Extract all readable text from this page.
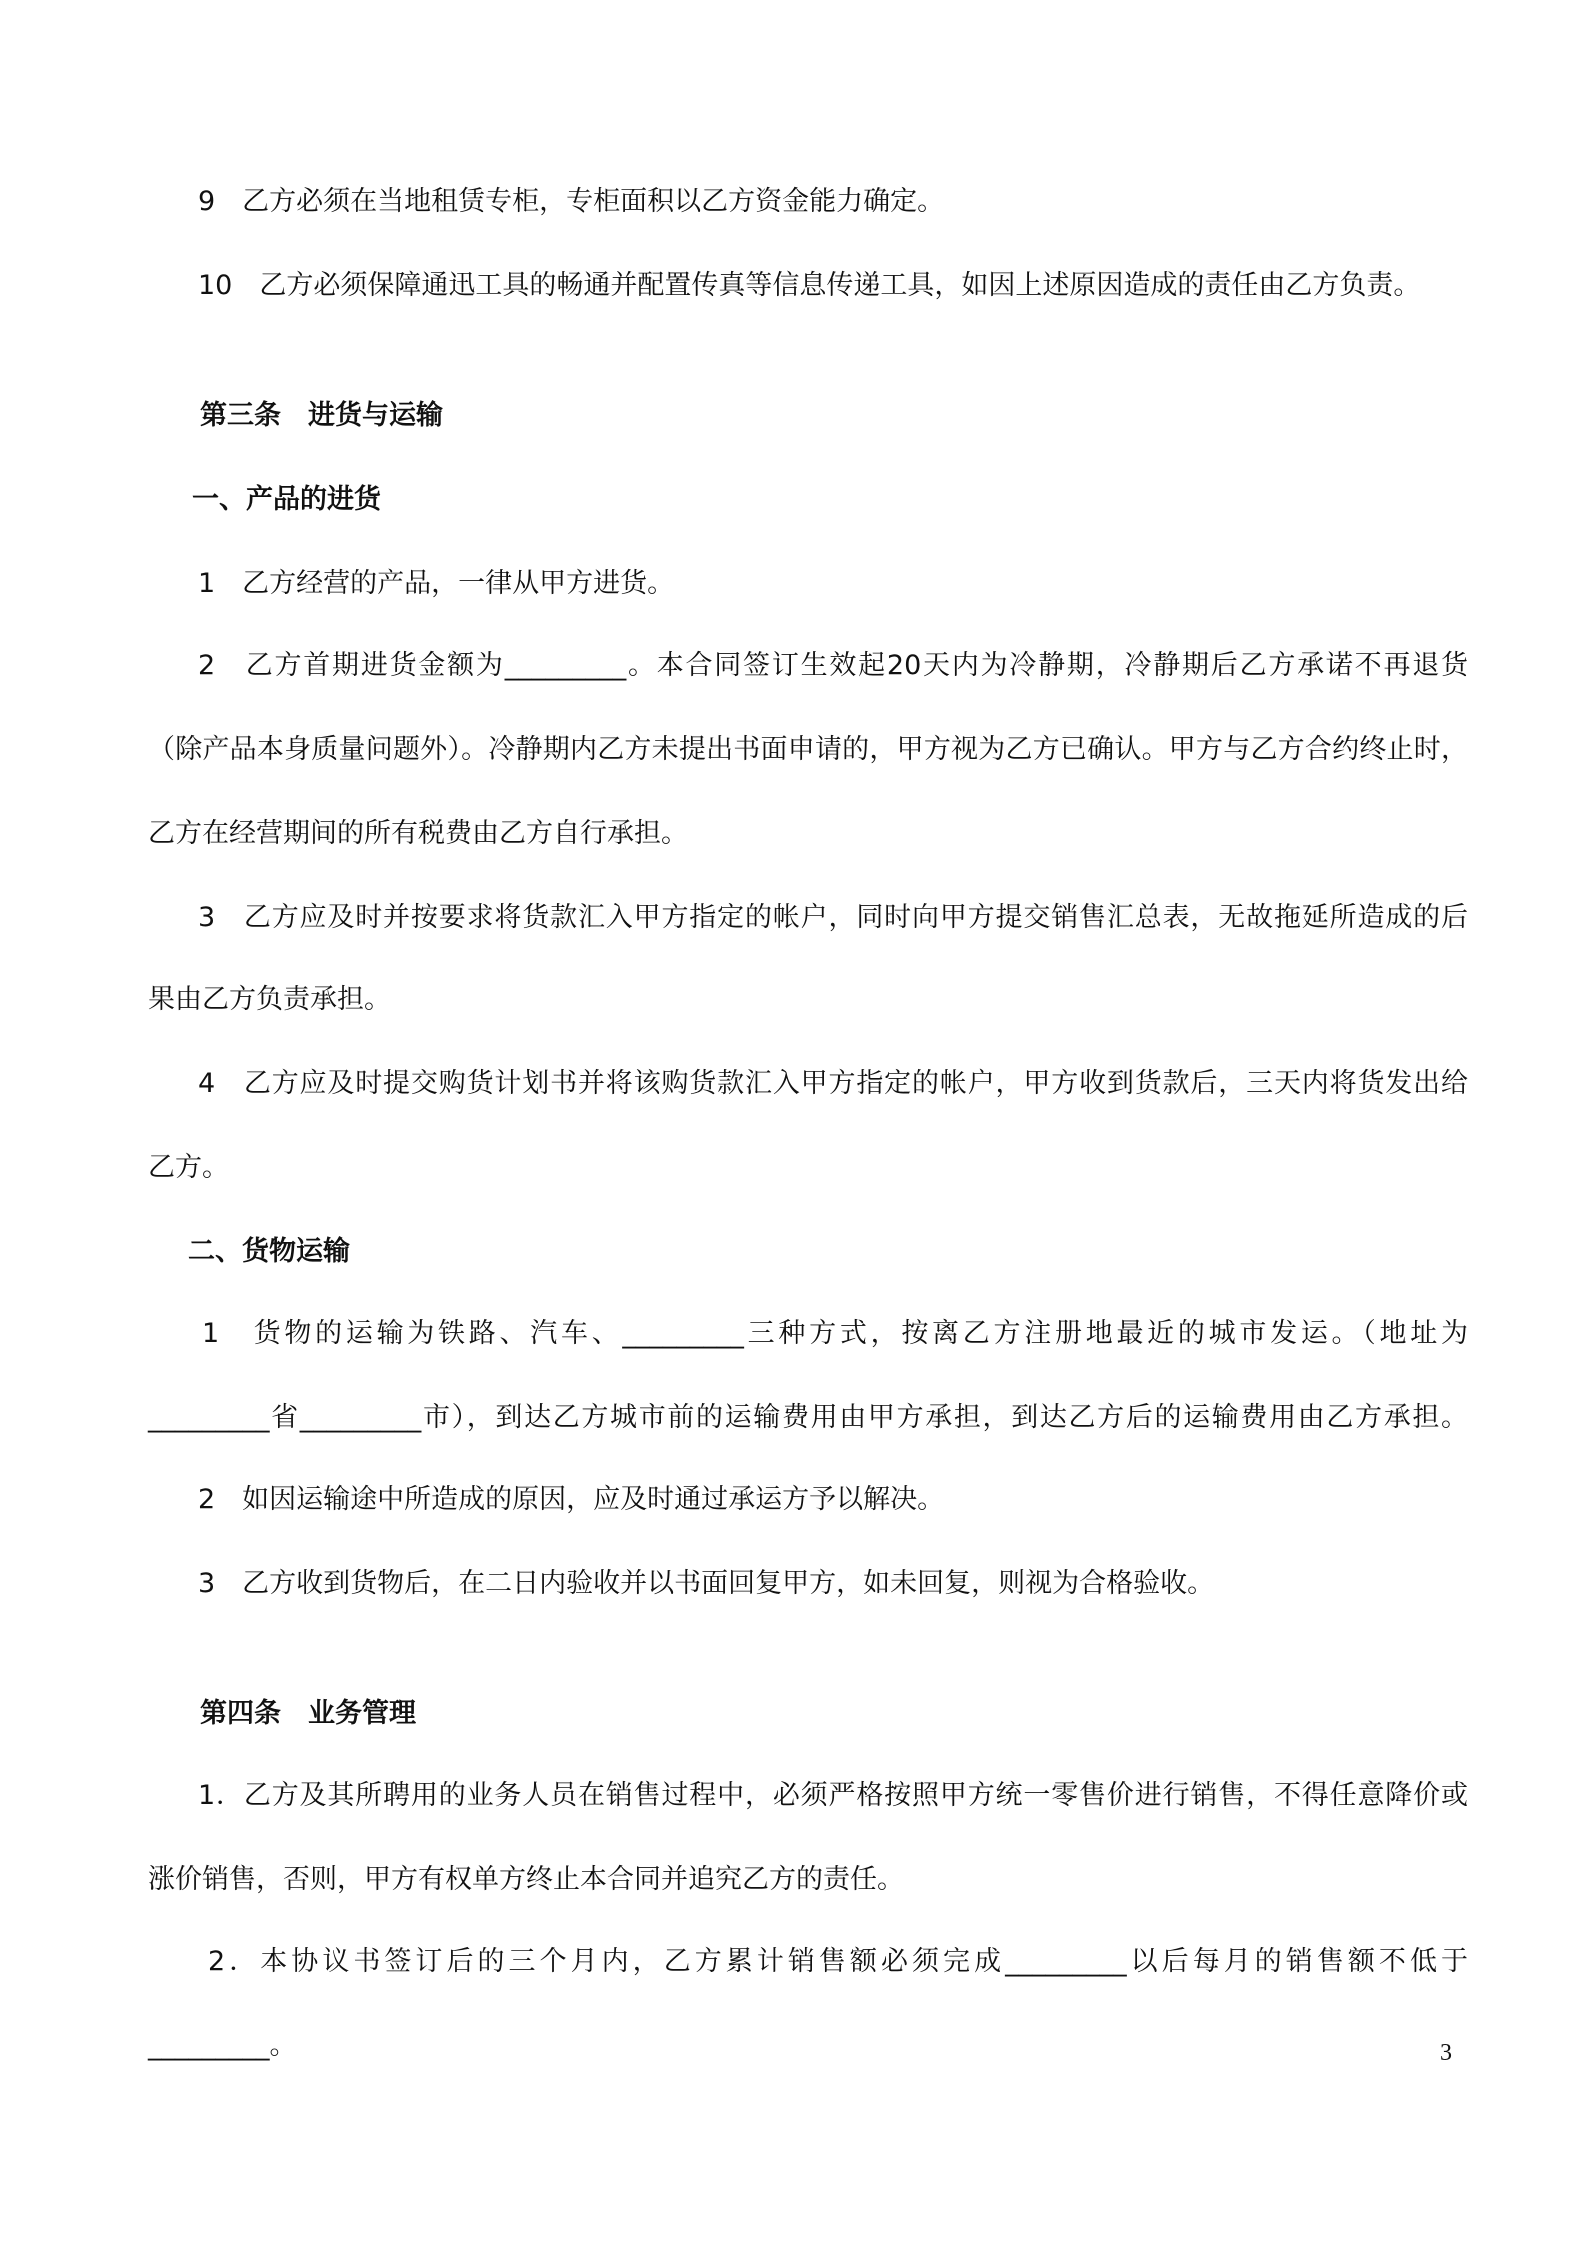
9　乙方必须在当地租赁专柜，专柜面积以乙方资金能力确定。
10　乙方必须保障通迅工具的畅通并配置传真等信息传递工具，如因上述原因造成的责任由乙方负责。
第三条　进货与运输
一、产品的进货
1　乙方经营的产品，一律从甲方进货。
2　乙方首期进货金额为_________。本合同签订生效起20天内为冷静期，冷静期后乙方承诺不再退货
（除产品本身质量问题外）。冷静期内乙方未提出书面申请的，甲方视为乙方已确认。甲方与乙方合约终止时，
乙方在经营期间的所有税费由乙方自行承担。
3　乙方应及时并按要求将货款汇入甲方指定的帐户，同时向甲方提交销售汇总表，无故拖延所造成的后
果由乙方负责承担。
4　乙方应及时提交购货计划书并将该购货款汇入甲方指定的帐户，甲方收到货款后，三天内将货发出给
乙方。
二、货物运输
1　货物的运输为铁路、汽车、_________三种方式，按离乙方注册地最近的城市发运。（地址为
_________省_________市），到达乙方城市前的运输费用由甲方承担，到达乙方后的运输费用由乙方承担。
2　如因运输途中所造成的原因，应及时通过承运方予以解决。
3　乙方收到货物后，在二日内验收并以书面回复甲方，如未回复，则视为合格验收。
第四条　业务管理
1．乙方及其所聘用的业务人员在销售过程中，必须严格按照甲方统一零售价进行销售，不得任意降价或
涨价销售，否则，甲方有权单方终止本合同并追究乙方的责任。
2．本协议书签订后的三个月内，乙方累计销售额必须完成_________以后每月的销售额不低于
_________。	3
